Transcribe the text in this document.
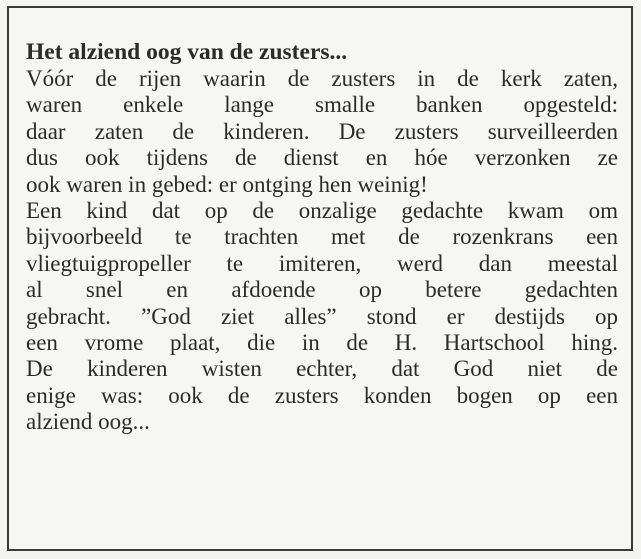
Het alziend oog van de zusters...
Vóór de rijen waarin de zusters in de kerk zaten,
waren enkele lange smalle banken opgesteld:
daar zaten de kinderen. De zusters surveilleerden
dus ook tijdens de dienst en hóe verzonken ze
ook waren in gebed: er ontging hen weinig!
Een kind dat op de onzalige gedachte kwam om
bijvoorbeeld te trachten met de rozenkrans een
vliegtuigpropeller te imiteren, werd dan meestal
al snel en afdoende op betere gedachten
gebracht. ”God ziet alles” stond er destijds op
een vrome plaat, die in de H. Hartschool hing.
De kinderen wisten echter, dat God niet de
enige was: ook de zusters konden bogen op een
alziend oog...
